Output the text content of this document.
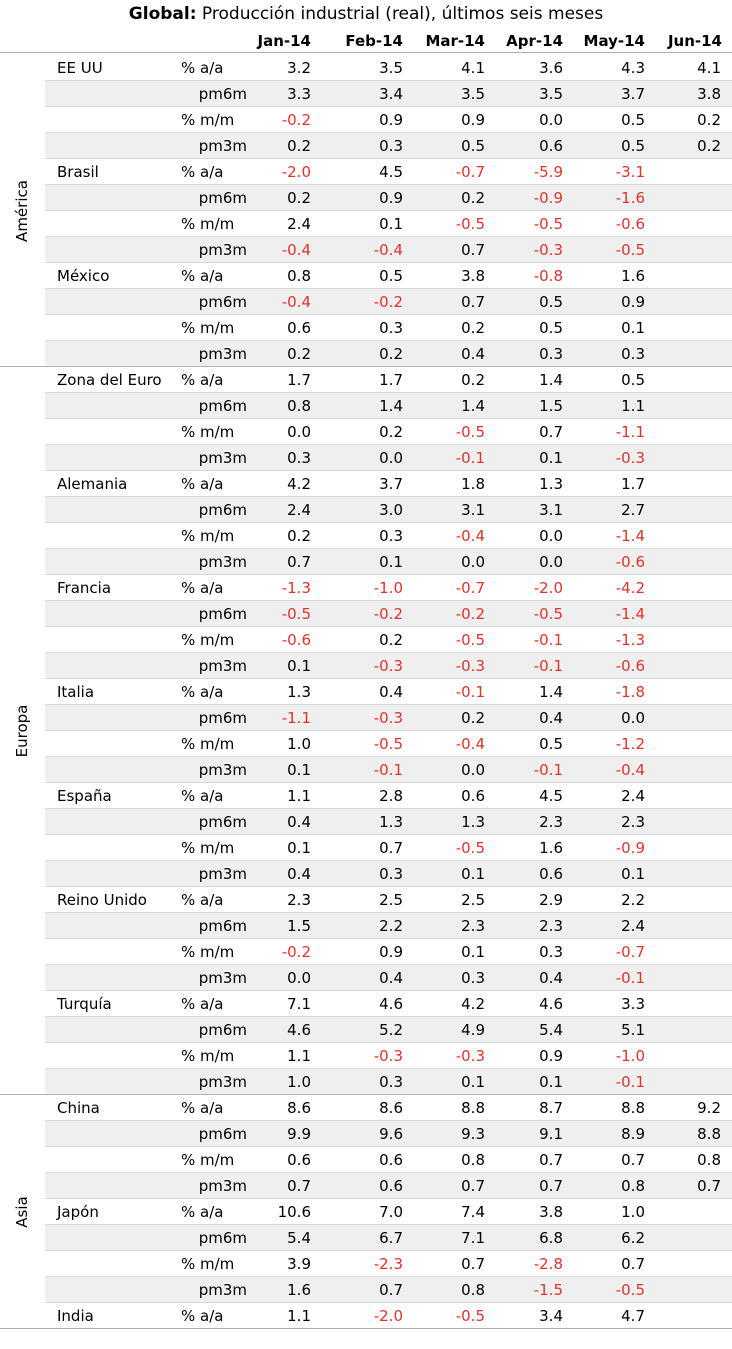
Global: Producción industrial (real), últimos seis meses
Jan-14	Feb-14	Mar-14	Apr-14	May-14	Jun-14
EE UU	% a/a	3.2	3.5	4.1	3.6	4.3	4.1
pm6m	3.3	3.4	3.5	3.5	3.7	3.8
% m/m	-0.2	0.9	0.9	0.0	0.5	0.2
pm3m	0.2	0.3	0.5	0.6	0.5	0.2
Brasil	% a/a	-2.0	4.5	-0.7	-5.9	-3.1
pm6m	0.2	0.9	0.2	-0.9	-1.6
% m/m	2.4	0.1	-0.5	-0.5	-0.6
pm3m	-0.4	-0.4	0.7	-0.3	-0.5
México	% a/a	0.8	0.5	3.8	-0.8	1.6
pm6m	-0.4	-0.2	0.7	0.5	0.9
% m/m	0.6	0.3	0.2	0.5	0.1
pm3m	0.2	0.2	0.4	0.3	0.3
América
Zona del Euro % a/a	1.7	1.7	0.2	1.4	0.5
pm6m	0.8	1.4	1.4	1.5	1.1
% m/m	0.0	0.2	-0.5	0.7	-1.1
pm3m	0.3	0.0	-0.1	0.1	-0.3
Alemania	% a/a	4.2	3.7	1.8	1.3	1.7
pm6m	2.4	3.0	3.1	3.1	2.7
% m/m	0.2	0.3	-0.4	0.0	-1.4
pm3m	0.7	0.1	0.0	0.0	-0.6
Francia	% a/a	-1.3	-1.0	-0.7	-2.0	-4.2
pm6m	-0.5	-0.2	-0.2	-0.5	-1.4
% m/m	-0.6	0.2	-0.5	-0.1	-1.3
pm3m	0.1	-0.3	-0.3	-0.1	-0.6
Italia	% a/a	1.3	0.4	-0.1	1.4	-1.8
pm6m	-1.1	-0.3	0.2	0.4	0.0
% m/m	1.0	-0.5	-0.4	0.5	-1.2
pm3m	0.1	-0.1	0.0	-0.1	-0.4
España	% a/a	1.1	2.8	0.6	4.5	2.4
pm6m	0.4	1.3	1.3	2.3	2.3
% m/m	0.1	0.7	-0.5	1.6	-0.9
pm3m	0.4	0.3	0.1	0.6	0.1
Reino Unido % a/a	2.3	2.5	2.5	2.9	2.2
pm6m	1.5	2.2	2.3	2.3	2.4
% m/m	-0.2	0.9	0.1	0.3	-0.7
pm3m	0.0	0.4	0.3	0.4	-0.1
Turquía	% a/a	7.1	4.6	4.2	4.6	3.3
pm6m	4.6	5.2	4.9	5.4	5.1
% m/m	1.1	-0.3	-0.3	0.9	-1.0
pm3m	1.0	0.3	0.1	0.1	-0.1
Europa
China	% a/a	8.6	8.6	8.8	8.7	8.8	9.2
pm6m	9.9	9.6	9.3	9.1	8.9	8.8
% m/m	0.6	0.6	0.8	0.7	0.7	0.8
pm3m	0.7	0.6	0.7	0.7	0.8	0.7
Japón	% a/a	10.6	7.0	7.4	3.8	1.0
pm6m	5.4	6.7	7.1	6.8	6.2
% m/m	3.9	-2.3	0.7	-2.8	0.7
pm3m	1.6	0.7	0.8	-1.5	-0.5
India	% a/a	1.1	-2.0	-0.5	3.4	4.7
Asia
